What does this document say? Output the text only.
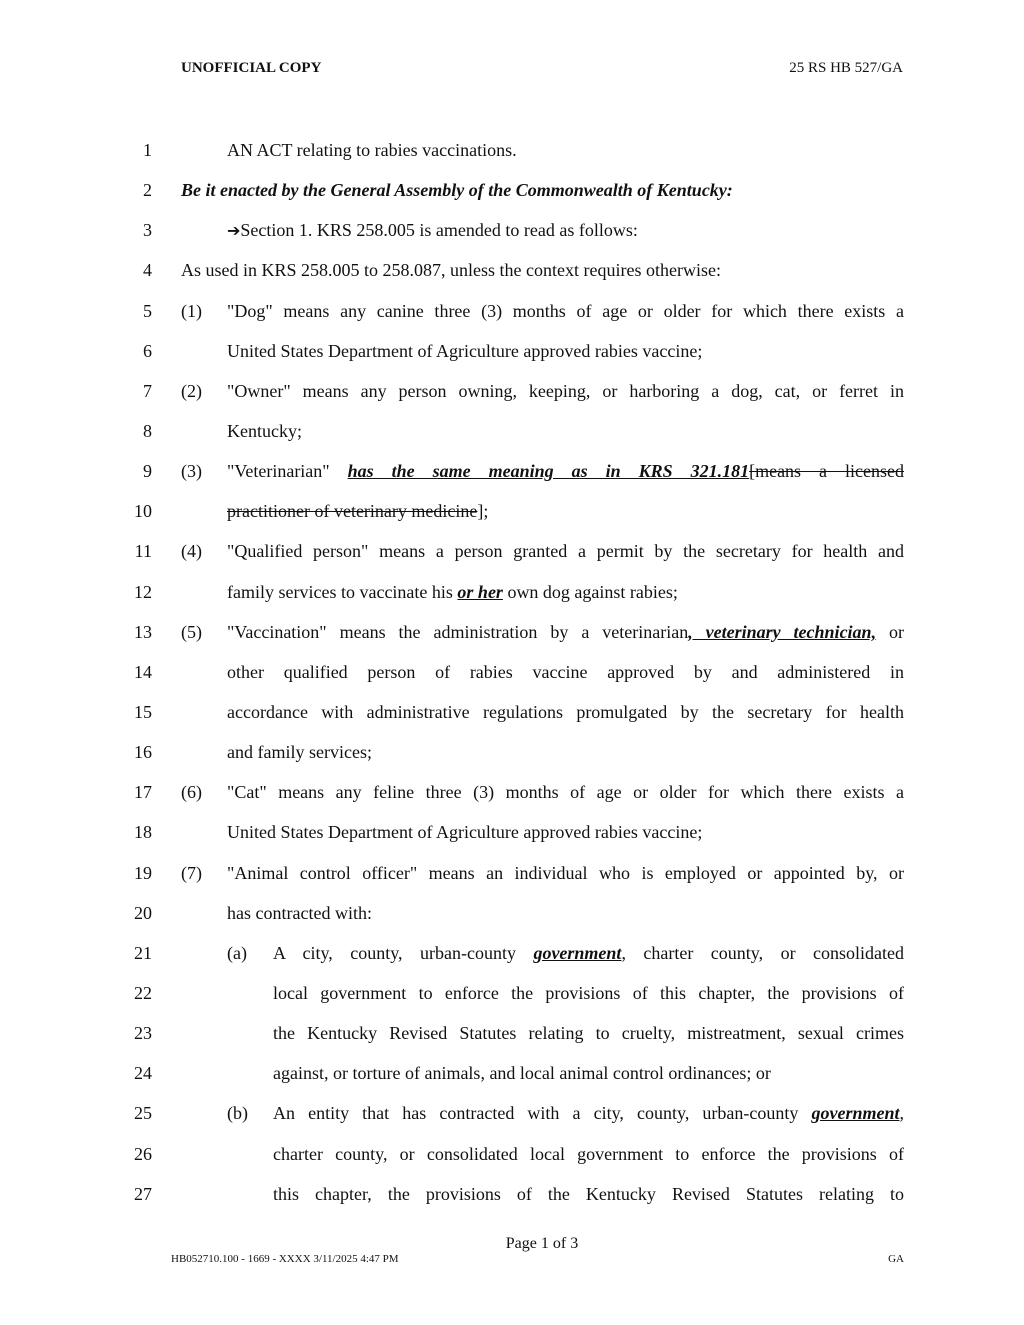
UNOFFICIAL COPY	25 RS HB 527/GA
1	AN ACT relating to rabies vaccinations.
2 Be it enacted by the General Assembly of the Commonwealth of Kentucky:
3	➔Section 1. KRS 258.005 is amended to read as follows:
4 As used in KRS 258.005 to 258.087, unless the context requires otherwise:
5 (1) "Dog" means any canine three (3) months of age or older for which there exists a
6	United States Department of Agriculture approved rabies vaccine;
7 (2) "Owner" means any person owning, keeping, or harboring a dog, cat, or ferret in
8	Kentucky;
9 (3) "Veterinarian" has the same meaning as in KRS 321.181[means a licensed
10	practitioner of veterinary medicine];
11 (4) "Qualified person" means a person granted a permit by the secretary for health and
12	family services to vaccinate his or her own dog against rabies;
13 (5) "Vaccination" means the administration by a veterinarian, veterinary technician, or
14	other qualified person of rabies vaccine approved by and administered in
15	accordance with administrative regulations promulgated by the secretary for health
16	and family services;
17 (6) "Cat" means any feline three (3) months of age or older for which there exists a
18	United States Department of Agriculture approved rabies vaccine;
19 (7) "Animal control officer" means an individual who is employed or appointed by, or
20	has contracted with:
21	(a) A city, county, urban-county government, charter county, or consolidated
22	local government to enforce the provisions of this chapter, the provisions of
23	the Kentucky Revised Statutes relating to cruelty, mistreatment, sexual crimes
24	against, or torture of animals, and local animal control ordinances; or
25	(b) An entity that has contracted with a city, county, urban-county government,
26	charter county, or consolidated local government to enforce the provisions of
27	this chapter, the provisions of the Kentucky Revised Statutes relating to
Page 1 of 3
HB052710.100 - 1669 - XXXX 3/11/2025 4:47 PM	GA
